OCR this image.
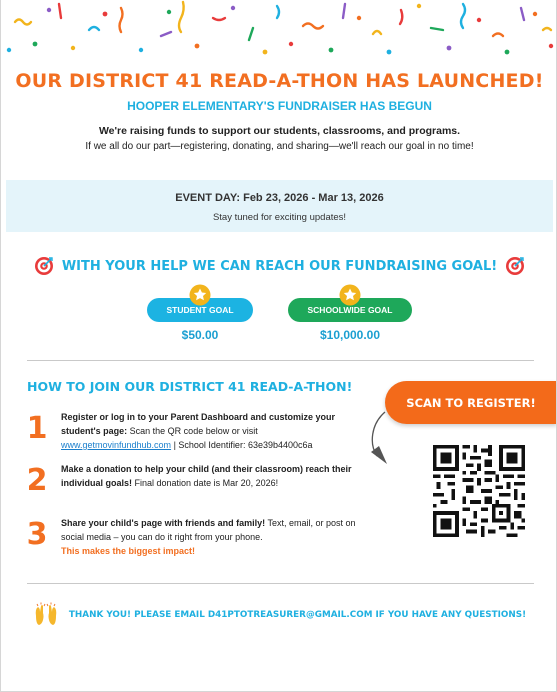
OUR DISTRICT 41 READ-A-THON HAS LAUNCHED!
HOOPER ELEMENTARY'S FUNDRAISER HAS BEGUN

We're raising funds to support our students, classrooms, and programs.

If we all do our part—registering, donating, and sharing—we'll reach our goal in no time!

EVENT DAY: Feb 23, 2026 - Mar 13, 2026
Stay tuned for exciting updates!
WITH YOUR HELP WE CAN REACH OUR FUNDRAISING GOAL!
STUDENT GOAL
$50.00
SCHOOLWIDE GOAL
$10,000.00
HOW TO JOIN OUR DISTRICT 41 READ-A-THON!
1 Register or log in to your Parent Dashboard and customize your student's page: Scan the QR code below or visit www.getmovinfundhub.com | School Identifier: 63e39b4400c6a
2 Make a donation to help your child (and their classroom) reach their individual goals! Final donation date is Mar 20, 2026!
3 Share your child's page with friends and family! Text, email, or post on social media – you can do it right from your phone.
This makes the biggest impact!
SCAN TO REGISTER!
THANK YOU! PLEASE EMAIL D41PTOTREASURER@GMAIL.COM IF YOU HAVE ANY QUESTIONS!
